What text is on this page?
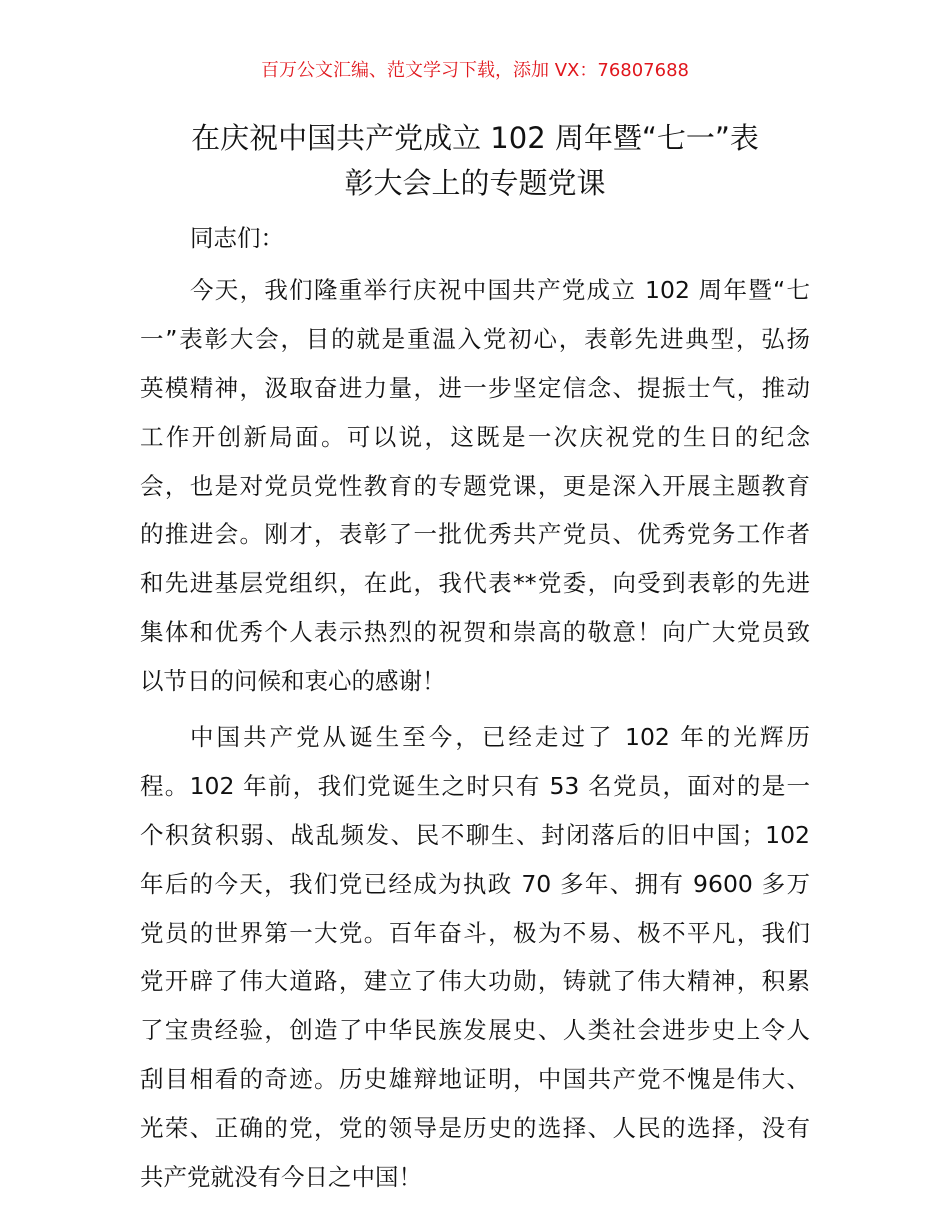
百万公文汇编、范文学习下载，添加 VX：76807688
在庆祝中国共产党成立 102 周年暨“七一”表
彰大会上的专题党课
同志们：
今天，我们隆重举行庆祝中国共产党成立 102 周年暨“七
一”表彰大会，目的就是重温入党初心，表彰先进典型，弘扬
英模精神，汲取奋进力量，进一步坚定信念、提振士气，推动
工作开创新局面。可以说，这既是一次庆祝党的生日的纪念
会，也是对党员党性教育的专题党课，更是深入开展主题教育
的推进会。刚才，表彰了一批优秀共产党员、优秀党务工作者
和先进基层党组织，在此，我代表**党委，向受到表彰的先进
集体和优秀个人表示热烈的祝贺和崇高的敬意！向广大党员致
以节日的问候和衷心的感谢！
中国共产党从诞生至今，已经走过了 102 年的光辉历
程。102 年前，我们党诞生之时只有 53 名党员，面对的是一
个积贫积弱、战乱频发、民不聊生、封闭落后的旧中国；102
年后的今天，我们党已经成为执政 70 多年、拥有 9600 多万
党员的世界第一大党。百年奋斗，极为不易、极不平凡，我们
党开辟了伟大道路，建立了伟大功勋，铸就了伟大精神，积累
了宝贵经验，创造了中华民族发展史、人类社会进步史上令人
刮目相看的奇迹。历史雄辩地证明，中国共产党不愧是伟大、
光荣、正确的党，党的领导是历史的选择、人民的选择，没有
共产党就没有今日之中国！
